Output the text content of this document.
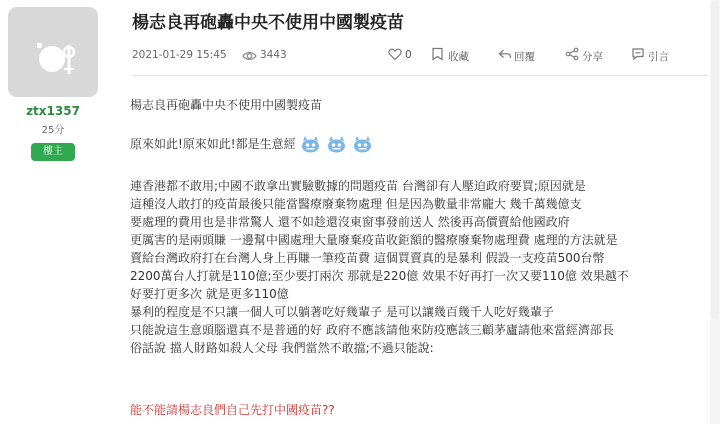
ztx1357
25分
樓主
楊志良再砲轟中央不使用中國製疫苗
2021-01-29 15:45	3443	0	收藏	回覆	分享	引言
楊志良再砲轟中央不使用中國製疫苗
原來如此!原來如此!都是生意經
連香港都不敢用;中國不敢拿出實驗數據的問題疫苗 台灣卻有人壓迫政府要買;原因就是
這種沒人敢打的疫苗最後只能當醫療廢棄物處理 但是因為數量非常龐大 幾千萬幾億支
要處理的費用也是非常驚人 還不如趁還沒東窗事發前送人 然後再高價賣給他國政府
更厲害的是兩頭賺 一邊幫中國處理大量廢棄疫苗收鉅額的醫療廢棄物處理費 處理的方法就是
賣給台灣政府打在台灣人身上再賺一筆疫苗費 這個買賣真的是暴利 假設一支疫苗500台幣
2200萬台人打就是110億;至少要打兩次 那就是220億 效果不好再打一次又要110億 效果越不
好要打更多次 就是更多110億
暴利的程度是不只讓一個人可以躺著吃好幾輩子 是可以讓幾百幾千人吃好幾輩子
只能說這生意頭腦還真不是普通的好 政府不應該請他來防疫應該三顧茅廬請他來當經濟部長
俗話說 擋人財路如殺人父母 我們當然不敢擋;不過只能說:
能不能請楊志良們自己先打中國疫苗??
